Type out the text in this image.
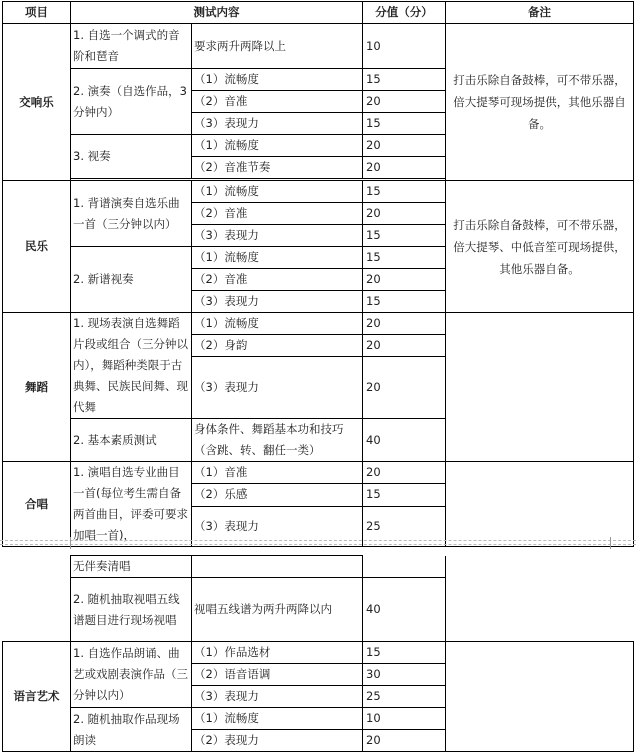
项目	测试内容		分值（分）	备注
交响乐	1. 自选一个调式的音阶和琶音	要求两升两降以上	10	打击乐除自备鼓棒，可不带乐器，倍大提琴可现场提供，其他乐器自备。
	2. 演奏（自选作品，3 分钟内）	（1）流畅度	15	
		（2）音准	20	
		（3）表现力	15	
	3. 视奏	（1）流畅度	20	
		（2）音准节奏	20	

民乐	1. 背谱演奏自选乐曲一首（三分钟以内）	（1）流畅度	15	打击乐除自备鼓棒，可不带乐器，倍大提琴、中低音笙可现场提供，其他乐器自备。
		（2）音准	20	
		（3）表现力	15	
	2. 新谱视奏	（1）流畅度	15	
		（2）音准	20	
		（3）表现力	15	
舞蹈	1. 现场表演自选舞蹈片段或组合（三分钟以内），舞蹈种类限于古典舞、民族民间舞、现代舞	（1）流畅度	20	
		（2）身韵	20	
		（3）表现力	20	
	2. 基本素质测试	身体条件、舞蹈基本功和技巧（含跳、转、翻任一类）	40	
合唱	1. 演唱自选专业曲目一首(每位考生需自备两首曲目，评委可要求加唱一首)，	（1）音准	20	
		（2）乐感	15	
		（3）表现力	25	
	无伴奏清唱			
	2. 随机抽取视唱五线谱题目进行现场视唱	视唱五线谱为两升两降以内	40	
语言艺术	1. 自选作品朗诵、曲艺或戏剧表演作品（三分钟以内）	（1）作品选材	15	
		（2）语音语调	30	
		（3）表现力	25	
	2. 随机抽取作品现场朗读	（1）流畅度	10	
		（2）表现力	20	
